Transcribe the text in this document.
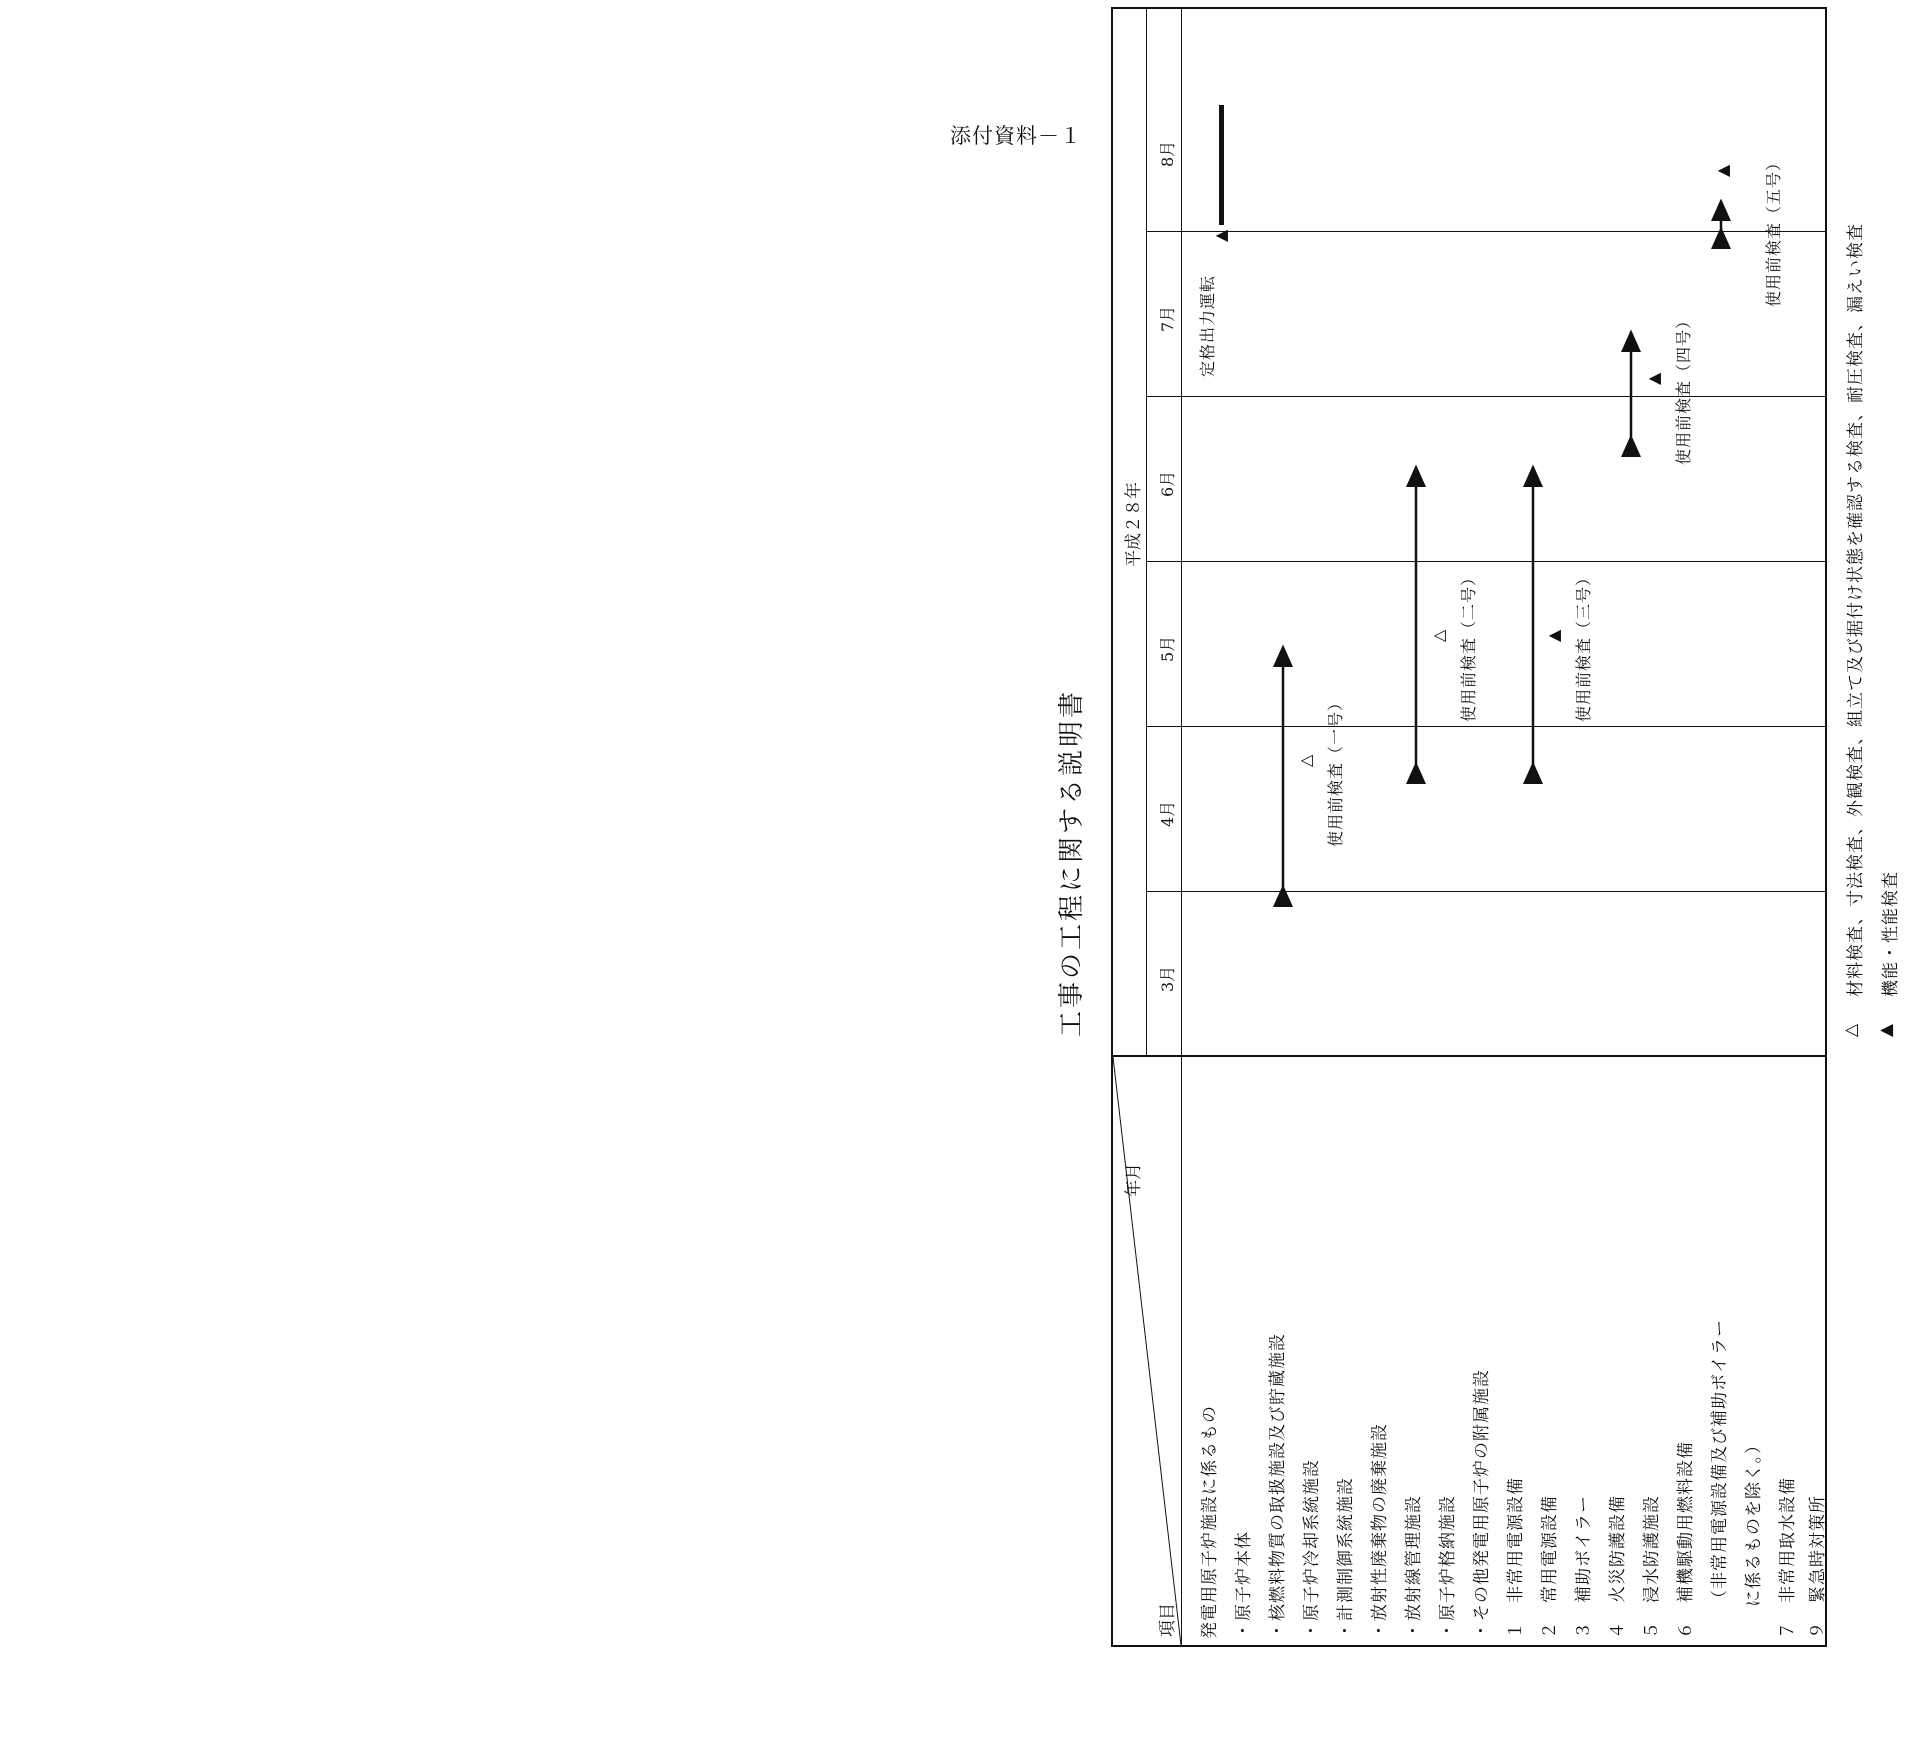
添付資料－１
工事の工程に関する説明書
年月
項目
平成２８年
3月
4月
5月
6月
7月
8月
発電用原子炉施設に係るもの ・原子炉本体 ・核燃料物質の取扱施設及び貯蔵施設 ・原子炉冷却系統施設 ・計測制御系統施設 ・放射性廃棄物の廃棄施設 ・放射線管理施設 ・原子炉格納施設 ・その他発電用原子炉の附属施設 １　非常用電源設備 ２　常用電源設備 ３　補助ボイラー ４　火災防護設備 ５　浸水防護施設 ６　補機駆動用燃料設備 （非常用電源設備及び補助ボイラー に係るものを除く。） ７　非常用取水設備 ９　緊急時対策所
△ 使用前検査（一号）
△ 使用前検査（二号）	▲ 使用前検査（三号）
▲ 使用前検査（四号）
▲ 使用前検査（五号）
定格出力運転
▲
△
材料検査、寸法検査、外観検査、組立て及び据付け状態を確認する検査、耐圧検査、漏えい検査
▲
機能・性能検査
